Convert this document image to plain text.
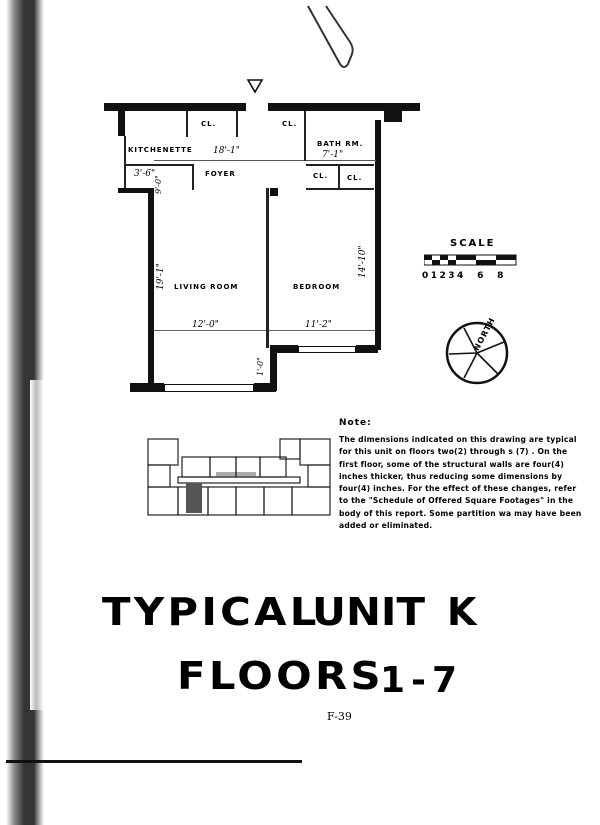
CL.	CL.
KITCHENETTE
BATH RM.
FOYER	CL.	CL.
LIVING ROOM	BEDROOM
18'-1"	7'-1"
3'-6"
9'-0"
19'-1"	14'-10"
12'-0"	11'-2"
1'-0"
SCALE
01234  6  8
NORTH
Note:
The dimensions indicated on this drawing are typical for this unit on floors two(2) through s (7) . On the first floor, some of the structural walls are four(4) inches thicker, thus reducing some dimensions by four(4) inches. For the effect of these changes, refer to the "Schedule of Offered Square Footages" in the body of this report. Some partition wa may have been added or eliminated.
TYPICAL
UNIT K
FLOORS
1-7
F-39
